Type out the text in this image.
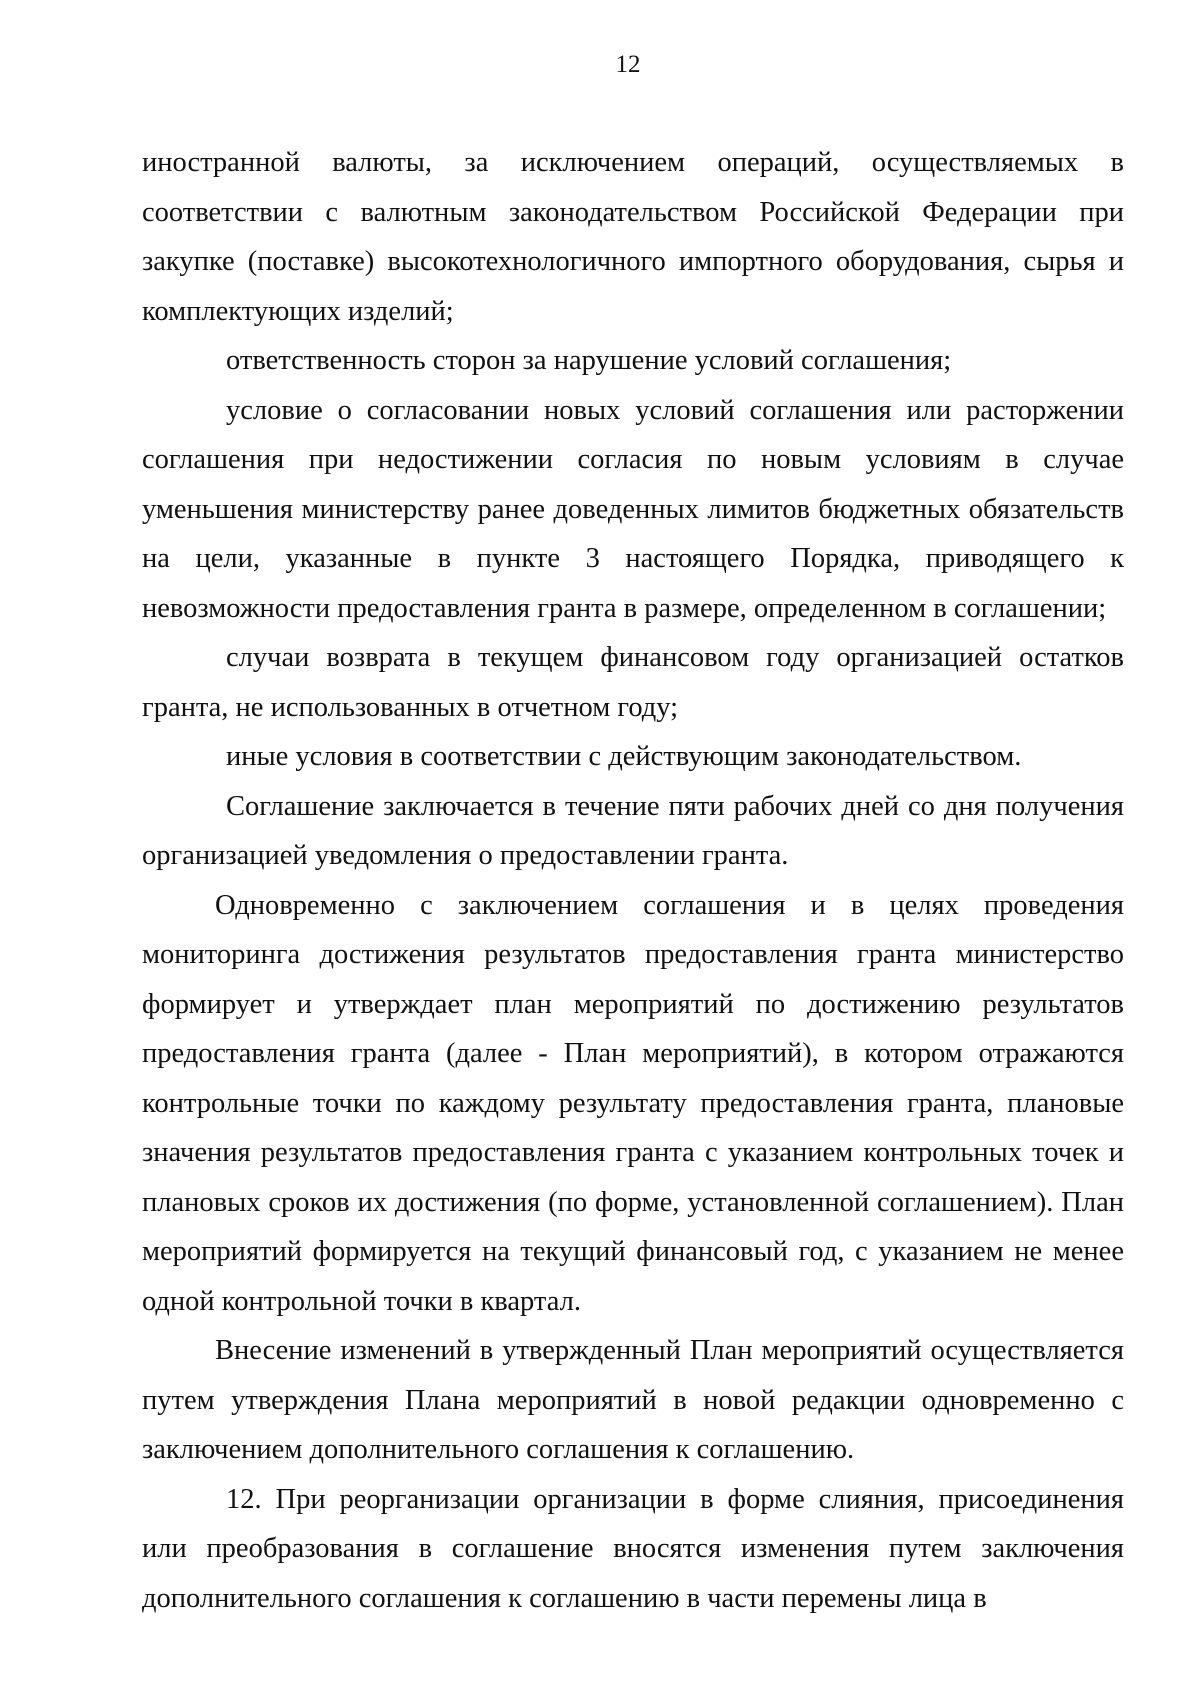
12

иностранной валюты, за исключением операций, осуществляемых в соответствии с валютным законодательством Российской Федерации при закупке (поставке) высокотехнологичного импортного оборудования, сырья и комплектующих изделий;

ответственность сторон за нарушение условий соглашения;

условие о согласовании новых условий соглашения или расторжении соглашения при недостижении согласия по новым условиям в случае уменьшения министерству ранее доведенных лимитов бюджетных обязательств на цели, указанные в пункте 3 настоящего Порядка, приводящего к невозможности предоставления гранта в размере, определенном в соглашении;

случаи возврата в текущем финансовом году организацией остатков гранта, не использованных в отчетном году;

иные условия в соответствии с действующим законодательством.

Соглашение заключается в течение пяти рабочих дней со дня получения организацией уведомления о предоставлении гранта.

Одновременно с заключением соглашения и в целях проведения мониторинга достижения результатов предоставления гранта министерство формирует и утверждает план мероприятий по достижению результатов предоставления гранта (далее - План мероприятий), в котором отражаются контрольные точки по каждому результату предоставления гранта, плановые значения результатов предоставления гранта с указанием контрольных точек и плановых сроков их достижения (по форме, установленной соглашением). План мероприятий формируется на текущий финансовый год, с указанием не менее одной контрольной точки в квартал.

Внесение изменений в утвержденный План мероприятий осуществляется путем утверждения Плана мероприятий в новой редакции одновременно с заключением дополнительного соглашения к соглашению.

12. При реорганизации организации в форме слияния, присоединения или преобразования в соглашение вносятся изменения путем заключения дополнительного соглашения к соглашению в части перемены лица в
